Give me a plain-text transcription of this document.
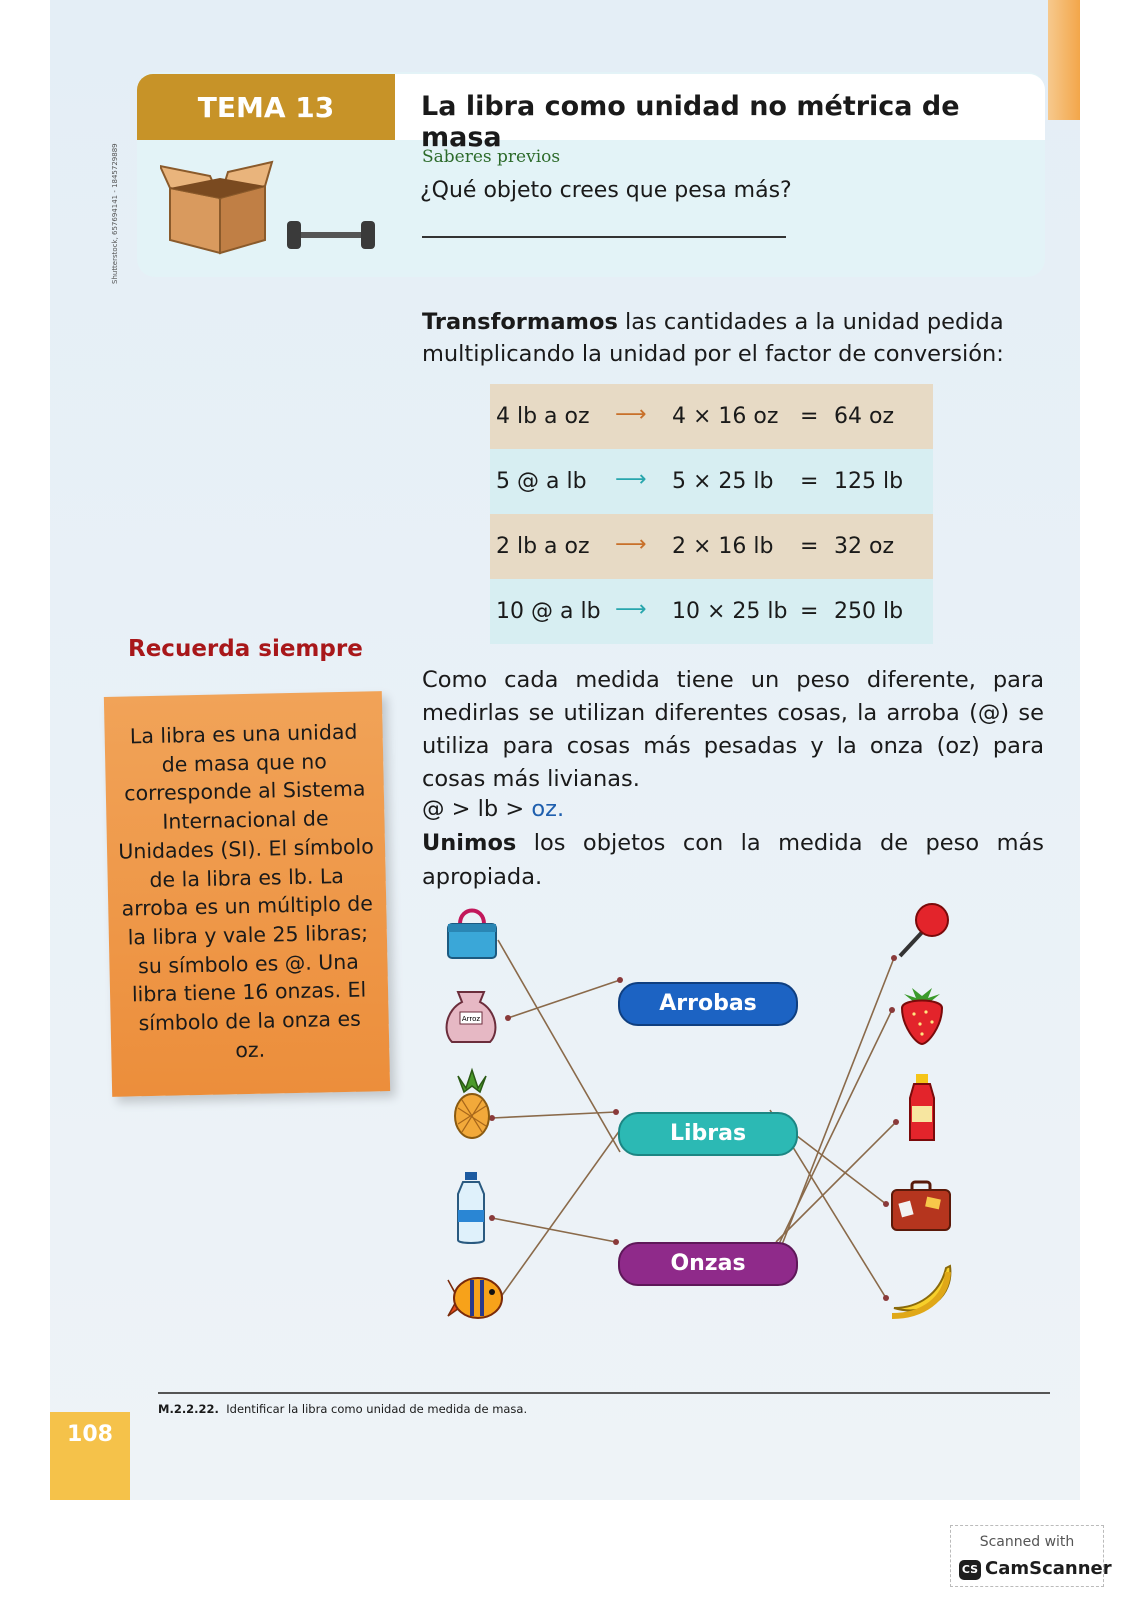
Shutterstock, 657694141 - 1845729889
TEMA 13	La libra como unidad no métrica de masa
Saberes previos
¿Qué objeto crees que pesa más?
Transformamos las cantidades a la unidad pedida multiplicando la unidad por el factor de conversión:
4 lb a oz ⟶ 4 × 16 oz = 64 oz
5 @ a lb ⟶ 5 × 25 lb = 125 lb
2 lb a oz ⟶ 2 × 16 lb = 32 oz
10 @ a lb ⟶ 10 × 25 lb = 250 lb
Recuerda siempre

La libra es una unidad de masa que no corresponde al Sistema Internacional de Unidades (SI). El símbolo de la libra es lb. La arroba es un múltiplo de la libra y vale 25 libras; su símbolo es @. Una libra tiene 16 onzas. El símbolo de la onza es oz.

Como cada medida tiene un peso diferente, para medirlas se utilizan diferentes cosas, la arroba (@) se utiliza para cosas más pesadas y la onza (oz) para cosas más livianas.
@ > lb > oz.
Unimos los objetos con la medida de peso más apropiada.
Arrobas
Libras
Onzas
Arroz
M.2.2.22. Identificar la libra como unidad de medida de masa.
108
Scanned with
CS CamScanner
